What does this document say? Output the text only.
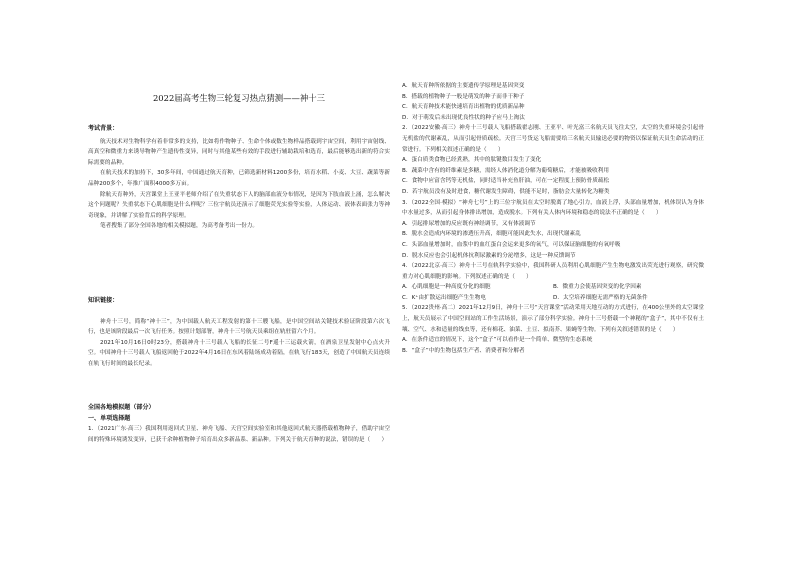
2022届高考生物三轮复习热点猜测——神十三
考试背景：

航天技术对生物科学有着非常多的支持，比如将作物种子、生命个体或数生物样品搭载到宇宙空间，利用宇宙射线、高真空和微重力来诱导物种产生遗传性变异，同时与其他某些有效的手段进行辅助栽培和选育，最后能够选出新的符合实际需要的品种。

在航天技术的加持下，30多年间，中国通过航天育种，已筛选新材料1200多份，培育水稻、小麦、大豆、蔬菜等新品种200多个，年推广面积4000多万亩。

除航天育种外，天宫课堂上王亚平老师介绍了在失重状态下人的脑部血液分布情况，是因为下肢血液上涌，怎么解决这个问题呢？失重状态下心肌细胞是什么样呢？三位宇航员还演示了细胞荧光实验等实验，人体运动、液体表面张力等神奇现象，并讲解了实验背后的科学原理。

笔者搜集了部分全国各地的相关模拟题，为高考备考出一份力。

知识链接：

神舟十三号，简称“神十三”，为中国载人航天工程发射的第十三艘飞船，是中国空间站关键技术验证阶段第六次飞行，也是该阶段最后一次飞行任务。按照计划部署，神舟十三号航天员乘组在轨驻留六个月。

2021年10月16日0时23分，搭载神舟十三号载人飞船的长征二号F遥十三运载火箭，在酒泉卫星发射中心点火升空。中国神舟十三号载人飞船返回舱于2022年4月16日在东风着陆场成功着陆，在轨飞行183天，创造了中国航天员连续在轨飞行时间的最长纪录。

全国各地模拟题（部分）
一、单项选择题

1．（2021广东·高三）我国利用返回式卫星、神舟飞船、天宫空间实验室和其他返回式航天器搭载植物种子，借助宇宙空间的特殊环境诱发变异，已获千余种植物种子培育出众多新品系、新品种。下列关于航天育种的说法，错误的是（　　）

A．航天育种所依据的主要遗传学原理是基因突变

B．搭载的植物种子一般是萌发的种子而非干种子

C．航天育种技术能快速培育出植物的优质新品种

D．对于萌发后未出现优良性状的种子应马上淘汰

2．（2022安徽·高三）神舟十三号载人飞船搭载翟志刚、王亚平、叶光富三名航天员飞往太空，太空的失重环境会引起骨无机盐的代谢紊乱，从而引起骨质疏松。天宫三号货运飞船需要给三名航天员输送必要的物资以保证航天员生命活动的正常进行。下列相关叙述正确的是（　　）

A．蛋白质类食物已经煮熟，其中的肽键数目发生了变化

B．蔬菜中含有的纤维素是多糖，需经人体消化道分解为葡萄糖后，才能被吸收利用

C．食物中应富含钙等无机盐，同时适当补充鱼肝油，可在一定程度上预防骨质疏松

D．若宇航员没有及时进食，糖代谢发生障碍，供能不足时，脂肪会大量转化为糖类

3．（2022全国·模拟）“神舟七号”上的三位宇航员在太空时脱离了地心引力，血液上浮，头部血量增加，机体误认为身体中水量过多，从而引起身体排出增加，造成脱水。下列有关人体内环境和稳态的说法不正确的是（　　）

A．引起排尿增加的反应既有神经调节，又有体液调节

B．脱水会造成内环境的渗透压升高，细胞可能因此失水，出现代谢紊乱

C．头部血量增加时，血浆中的血红蛋白会运来更多的氧气，可以保证脑细胞的有氧呼吸

D．脱水反应也会引起机体抗利尿激素的分泌增多，这是一种反馈调节

4．（2022北京·高三）神舟十三号在轨科学实验中，我国科研人员利用心肌细胞产生生物电激发出荧光进行观察，研究微重力对心肌细胞的影响。下列叙述正确的是（　　）

A．心肌细胞是一种高度分化的细胞	B．微重力会使基因突变的化学因素
C．K⁺由扩散运出细胞产生生物电	D．太空培养细胞无需严格的无菌条件

5．（2022贵州·高二）2021年12月9日，神舟十三号“天宫课堂”活动采用天地互动的方式进行，在400公里外的太空课堂上，航天员展示了中国空间站的工作生活场景，演示了部分科学实验。神舟十三号搭载一个神秘的“盒子”，其中不仅有土壤、空气、水和适量的线虫等，还有棉花、油菜、土豆、拟南芥、果蝇等生物。下列有关叙述错误的是（　　）

A．在条件适宜的情况下，这个“盒子”可以看作是一个简单、微型的生态系统

B．“盒子”中的生物包括生产者、消费者和分解者
